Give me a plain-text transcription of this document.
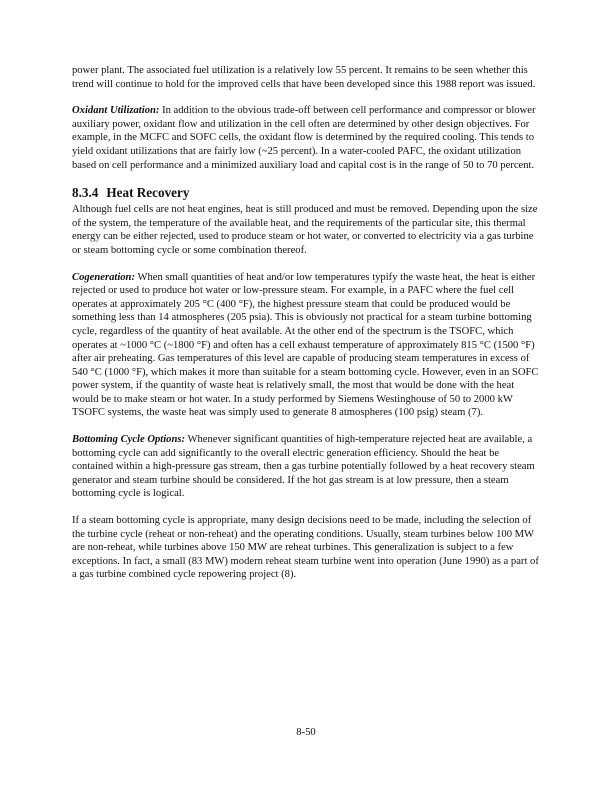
power plant. The associated fuel utilization is a relatively low 55 percent. It remains to be seen whether this trend will continue to hold for the improved cells that have been developed since this 1988 report was issued.

Oxidant Utilization: In addition to the obvious trade-off between cell performance and compressor or blower auxiliary power, oxidant flow and utilization in the cell often are determined by other design objectives. For example, in the MCFC and SOFC cells, the oxidant flow is determined by the required cooling. This tends to yield oxidant utilizations that are fairly low (~25 percent). In a water-cooled PAFC, the oxidant utilization based on cell performance and a minimized auxiliary load and capital cost is in the range of 50 to 70 percent.

8.3.4 Heat Recovery

Although fuel cells are not heat engines, heat is still produced and must be removed. Depending upon the size of the system, the temperature of the available heat, and the requirements of the particular site, this thermal energy can be either rejected, used to produce steam or hot water, or converted to electricity via a gas turbine or steam bottoming cycle or some combination thereof.

Cogeneration: When small quantities of heat and/or low temperatures typify the waste heat, the heat is either rejected or used to produce hot water or low-pressure steam. For example, in a PAFC where the fuel cell operates at approximately 205 °C (400 °F), the highest pressure steam that could be produced would be something less than 14 atmospheres (205 psia). This is obviously not practical for a steam turbine bottoming cycle, regardless of the quantity of heat available. At the other end of the spectrum is the TSOFC, which operates at ~1000 °C (~1800 °F) and often has a cell exhaust temperature of approximately 815 °C (1500 °F) after air preheating. Gas temperatures of this level are capable of producing steam temperatures in excess of 540 °C (1000 °F), which makes it more than suitable for a steam bottoming cycle. However, even in an SOFC power system, if the quantity of waste heat is relatively small, the most that would be done with the heat would be to make steam or hot water. In a study performed by Siemens Westinghouse of 50 to 2000 kW TSOFC systems, the waste heat was simply used to generate 8 atmospheres (100 psig) steam (7).

Bottoming Cycle Options: Whenever significant quantities of high-temperature rejected heat are available, a bottoming cycle can add significantly to the overall electric generation efficiency. Should the heat be contained within a high-pressure gas stream, then a gas turbine potentially followed by a heat recovery steam generator and steam turbine should be considered. If the hot gas stream is at low pressure, then a steam bottoming cycle is logical.

If a steam bottoming cycle is appropriate, many design decisions need to be made, including the selection of the turbine cycle (reheat or non-reheat) and the operating conditions. Usually, steam turbines below 100 MW are non-reheat, while turbines above 150 MW are reheat turbines. This generalization is subject to a few exceptions. In fact, a small (83 MW) modern reheat steam turbine went into operation (June 1990) as a part of a gas turbine combined cycle repowering project (8).

8-50
